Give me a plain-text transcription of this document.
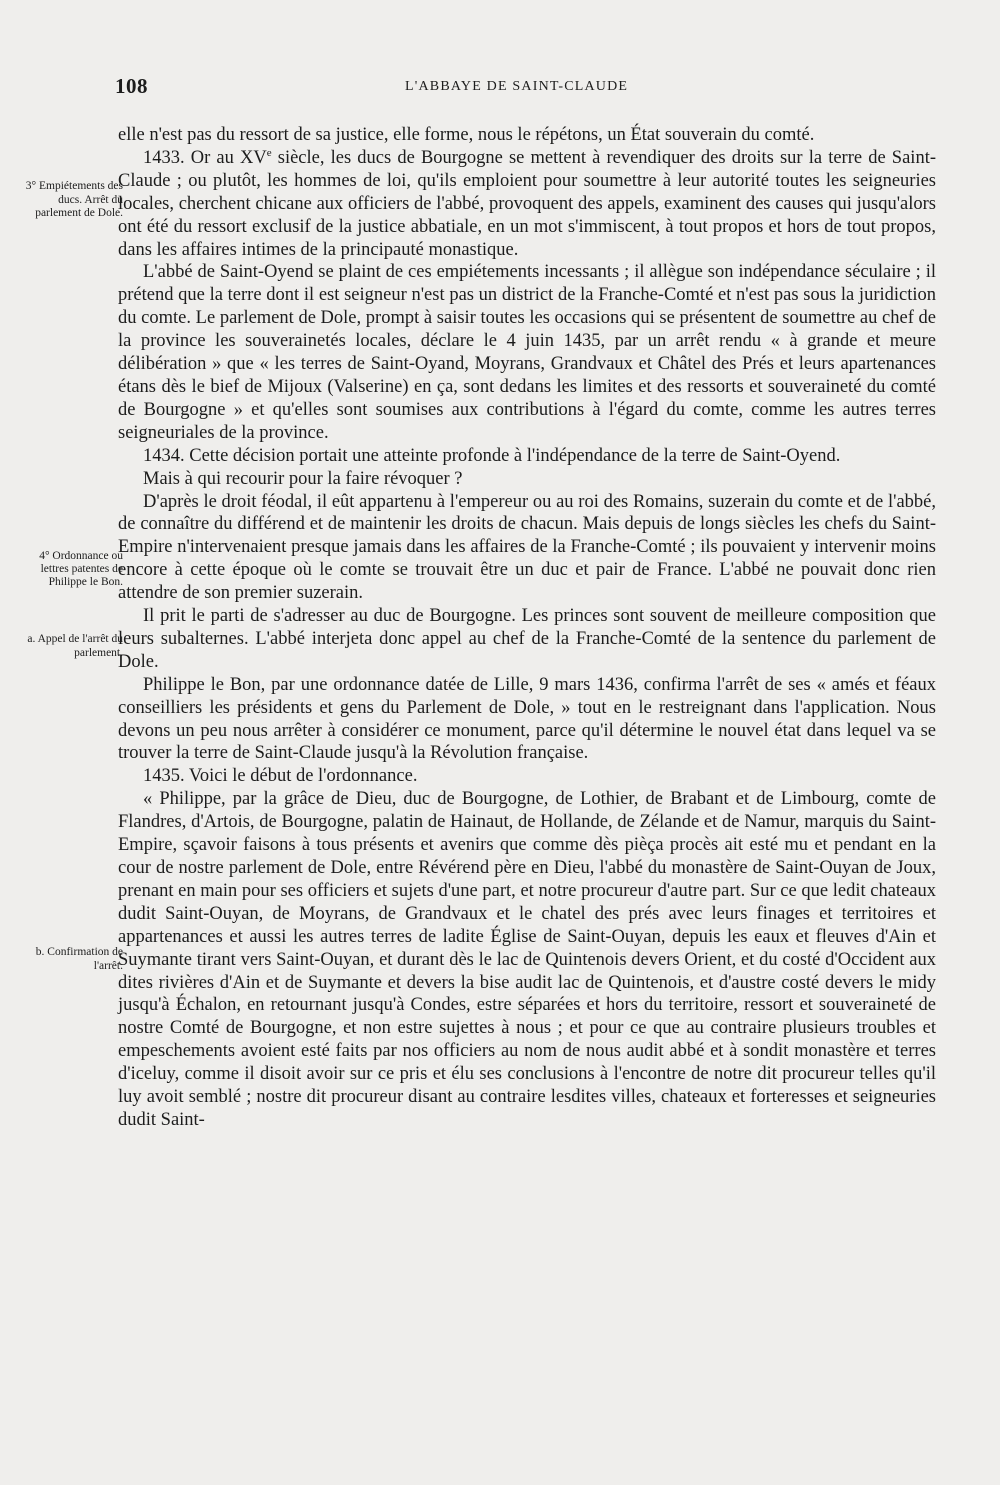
108	L'ABBAYE DE SAINT-CLAUDE
3° Empiétements des ducs. Arrêt du parlement de Dole.
4° Ordonnance ou lettres patentes de Philippe le Bon.
a. Appel de l'arrêt du parlement.
b. Confirmation de l'arrêt.

elle n'est pas du ressort de sa justice, elle forme, nous le répétons, un État souverain du comté.

1433. Or au XVe siècle, les ducs de Bourgogne se mettent à revendiquer des droits sur la terre de Saint-Claude ; ou plutôt, les hommes de loi, qu'ils emploient pour soumettre à leur autorité toutes les seigneuries locales, cherchent chicane aux officiers de l'abbé, provoquent des appels, examinent des causes qui jusqu'alors ont été du ressort exclusif de la justice abbatiale, en un mot s'immiscent, à tout propos et hors de tout propos, dans les affaires intimes de la principauté monastique.

L'abbé de Saint-Oyend se plaint de ces empiétements incessants ; il allègue son indépendance séculaire ; il prétend que la terre dont il est seigneur n'est pas un district de la Franche-Comté et n'est pas sous la juridiction du comte. Le parlement de Dole, prompt à saisir toutes les occasions qui se présentent de soumettre au chef de la province les souverainetés locales, déclare le 4 juin 1435, par un arrêt rendu « à grande et meure délibération » que « les terres de Saint-Oyand, Moyrans, Grandvaux et Châtel des Prés et leurs apartenances étans dès le bief de Mijoux (Valserine) en ça, sont dedans les limites et des ressorts et souveraineté du comté de Bourgogne » et qu'elles sont soumises aux contributions à l'égard du comte, comme les autres terres seigneuriales de la province.

1434. Cette décision portait une atteinte profonde à l'indépendance de la terre de Saint-Oyend.

Mais à qui recourir pour la faire révoquer ?

D'après le droit féodal, il eût appartenu à l'empereur ou au roi des Romains, suzerain du comte et de l'abbé, de connaître du différend et de maintenir les droits de chacun. Mais depuis de longs siècles les chefs du Saint-Empire n'intervenaient presque jamais dans les affaires de la Franche-Comté ; ils pouvaient y intervenir moins encore à cette époque où le comte se trouvait être un duc et pair de France. L'abbé ne pouvait donc rien attendre de son premier suzerain.

Il prit le parti de s'adresser au duc de Bourgogne. Les princes sont souvent de meilleure composition que leurs subalternes. L'abbé interjeta donc appel au chef de la Franche-Comté de la sentence du parlement de Dole.

Philippe le Bon, par une ordonnance datée de Lille, 9 mars 1436, confirma l'arrêt de ses « amés et féaux conseilliers les présidents et gens du Parlement de Dole, » tout en le restreignant dans l'application. Nous devons un peu nous arrêter à considérer ce monument, parce qu'il détermine le nouvel état dans lequel va se trouver la terre de Saint-Claude jusqu'à la Révolution française.

1435. Voici le début de l'ordonnance.

« Philippe, par la grâce de Dieu, duc de Bourgogne, de Lothier, de Brabant et de Limbourg, comte de Flandres, d'Artois, de Bourgogne, palatin de Hainaut, de Hollande, de Zélande et de Namur, marquis du Saint-Empire, sçavoir faisons à tous présents et avenirs que comme dès pièça procès ait esté mu et pendant en la cour de nostre parlement de Dole, entre Révérend père en Dieu, l'abbé du monastère de Saint-Ouyan de Joux, prenant en main pour ses officiers et sujets d'une part, et notre procureur d'autre part. Sur ce que ledit chateaux dudit Saint-Ouyan, de Moyrans, de Grandvaux et le chatel des prés avec leurs finages et territoires et appartenances et aussi les autres terres de ladite Église de Saint-Ouyan, depuis les eaux et fleuves d'Ain et Suymante tirant vers Saint-Ouyan, et durant dès le lac de Quintenois devers Orient, et du costé d'Occident aux dites rivières d'Ain et de Suymante et devers la bise audit lac de Quintenois, et d'austre costé devers le midy jusqu'à Échalon, en retournant jusqu'à Condes, estre séparées et hors du territoire, ressort et souveraineté de nostre Comté de Bourgogne, et non estre sujettes à nous ; et pour ce que au contraire plusieurs troubles et empeschements avoient esté faits par nos officiers au nom de nous audit abbé et à sondit monastère et terres d'iceluy, comme il disoit avoir sur ce pris et élu ses conclusions à l'encontre de notre dit procureur telles qu'il luy avoit semblé ; nostre dit procureur disant au contraire lesdites villes, chateaux et forteresses et seigneuries dudit Saint-
